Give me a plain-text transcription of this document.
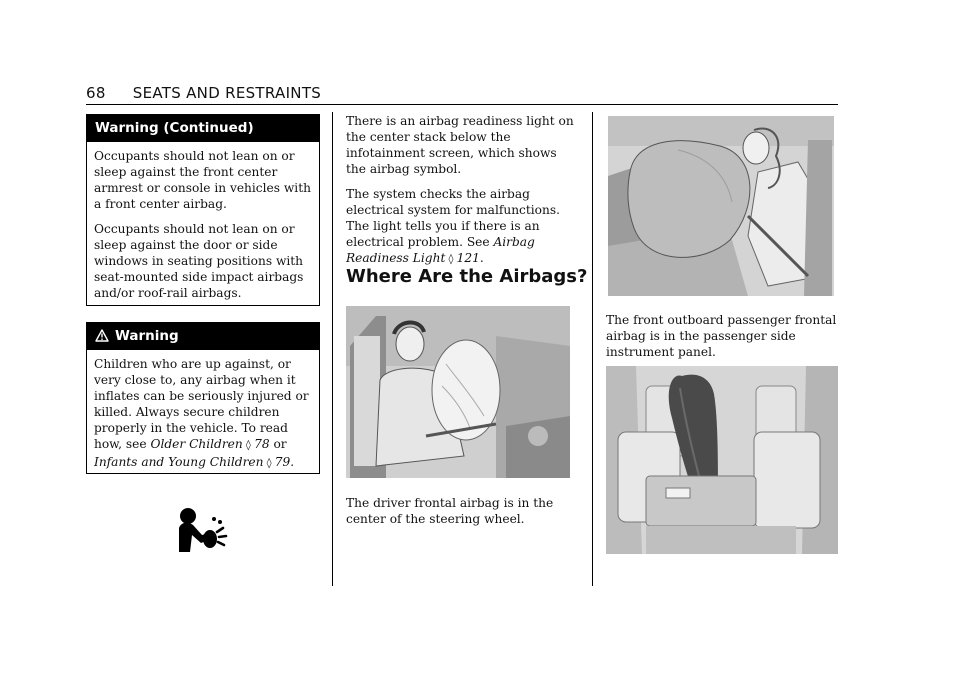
68 SEATS AND RESTRAINTS
Warning (Continued)

Occupants should not lean on or sleep against the front center armrest or console in vehicles with a front center airbag.

Occupants should not lean on or sleep against the door or side windows in seating positions with seat-mounted side impact airbags and/or roof-rail airbags.

Warning

Children who are up against, or very close to, any airbag when it inflates can be seriously injured or killed. Always secure children properly in the vehicle. To read how, see Older Children ◊ 78 or Infants and Young Children ◊ 79.

There is an airbag readiness light on the center stack below the infotainment screen, which shows the airbag symbol.

The system checks the airbag electrical system for malfunctions. The light tells you if there is an electrical problem. See Airbag Readiness Light ◊ 121.

Where Are the Airbags?

The driver frontal airbag is in the center of the steering wheel.

The front outboard passenger frontal airbag is in the passenger side instrument panel.
